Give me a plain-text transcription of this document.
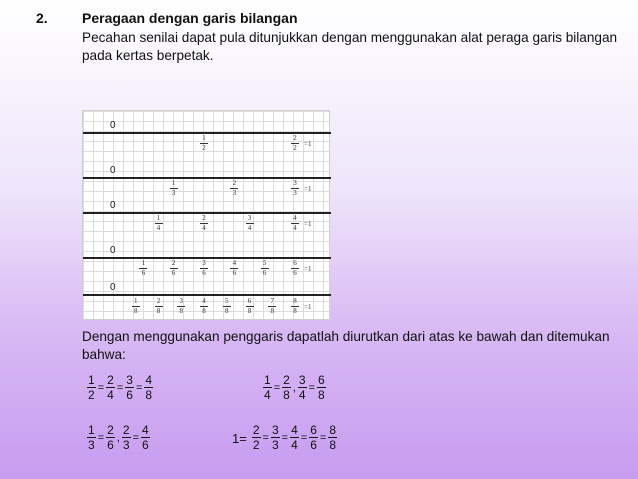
2. Peragaan dengan garis bilangan
Pecahan senilai dapat pula ditunjukkan dengan menggunakan alat peraga garis bilangan pada kertas berpetak.
0
1
2
2
2	=1
0
1
3
2
3
3
3	=1
0
1
4
2
4
3
4
4
4	=1
0
1
6
2
6
3
6
4
6
5
6
6
6	=1
0
1
8
2
8
3
8
4
8
5
8
6
8
7
8
8
8	=1
Dengan menggunakan penggaris dapatlah diurutkan dari atas ke bawah dan ditemukan bahwa:
$\frac{1}{2} = \frac{2}{4} = \frac{3}{6} = \frac{4}{8}$	$\frac{1}{4} = \frac{2}{8}$ , $\frac{3}{4} = \frac{6}{8}$
$\frac{1}{3} = \frac{2}{6}$ , $\frac{2}{3} = \frac{4}{6}$	$1= \frac{2}{2} = \frac{3}{3} = \frac{4}{4} = \frac{6}{6} = \frac{8}{8}$
